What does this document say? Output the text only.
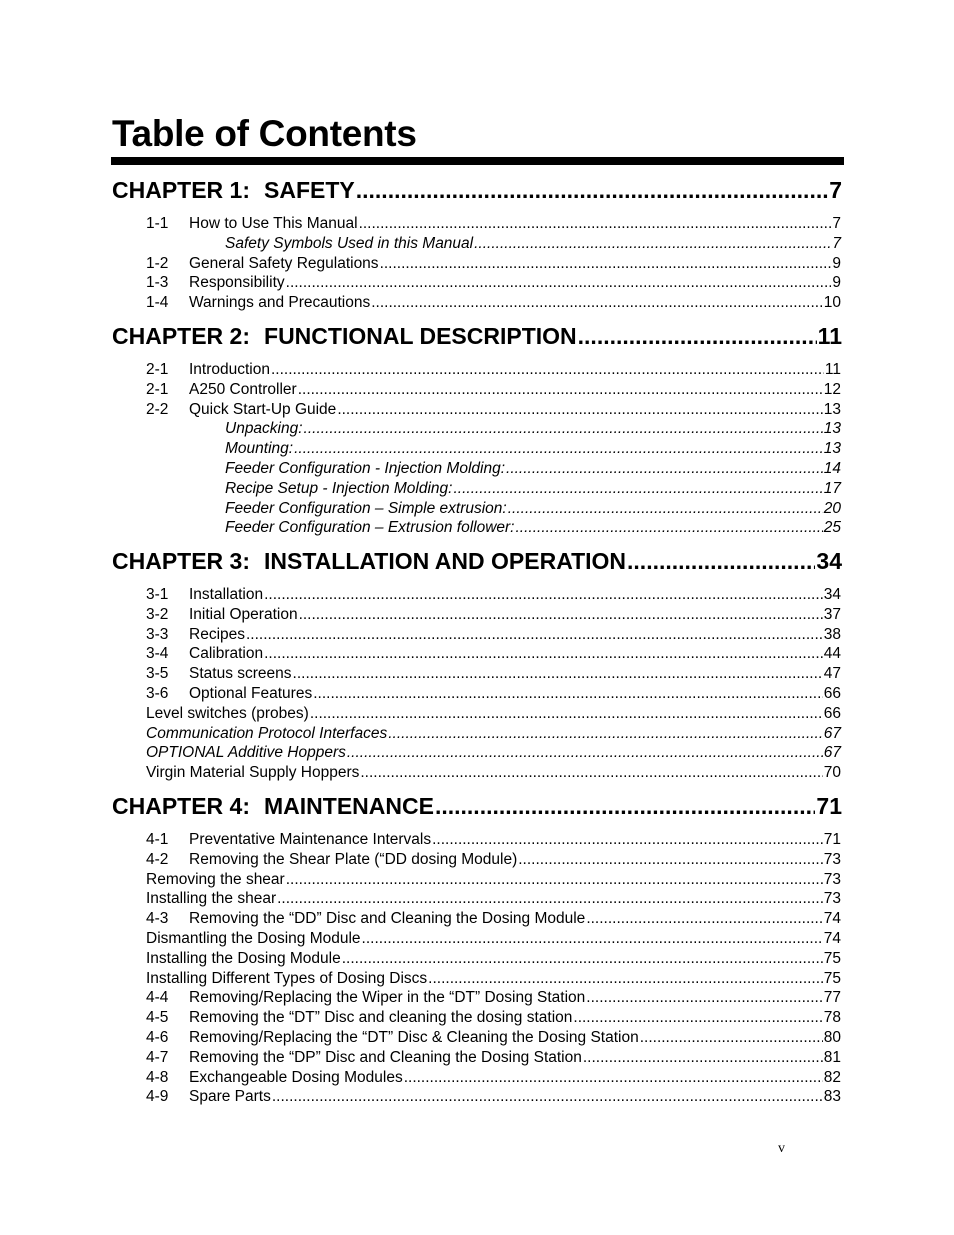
Table of Contents
CHAPTER 1: SAFETY .....	7
1-1	How to Use This Manual .....	7
Safety Symbols Used in this Manual .....	7
1-2	General Safety Regulations .....	9
1-3	Responsibility .....	9
1-4	Warnings and Precautions .....	10
CHAPTER 2: FUNCTIONAL DESCRIPTION .....	11
2-1	Introduction .....	11
2-1	A250 Controller .....	12
2-2	Quick Start-Up Guide .....	13
Unpacking: .....	13
Mounting: .....	13
Feeder Configuration - Injection Molding: .....	14
Recipe Setup - Injection Molding: .....	17
Feeder Configuration – Simple extrusion: .....	20
Feeder Configuration – Extrusion follower: .....	25
CHAPTER 3: INSTALLATION AND OPERATION .....	34
3-1	Installation .....	34
3-2	Initial Operation .....	37
3-3	Recipes .....	38
3-4	Calibration .....	44
3-5	Status screens .....	47
3-6	Optional Features .....	66
Level switches (probes) .....	66
Communication Protocol Interfaces .....	67
OPTIONAL Additive Hoppers .....	67
Virgin Material Supply Hoppers .....	70
CHAPTER 4: MAINTENANCE .....	71
4-1	Preventative Maintenance Intervals .....	71
4-2	Removing the Shear Plate (“DD dosing Module) .....	73
Removing the shear .....	73
Installing the shear .....	73
4-3	Removing the “DD” Disc and Cleaning the Dosing Module .....	74
Dismantling the Dosing Module .....	74
Installing the Dosing Module .....	75
Installing Different Types of Dosing Discs .....	75
4-4	Removing/Replacing the Wiper in the “DT” Dosing Station .....	77
4-5	Removing the “DT” Disc and cleaning the dosing station .....	78
4-6	Removing/Replacing the “DT” Disc & Cleaning the Dosing Station .....	80
4-7	Removing the “DP” Disc and Cleaning the Dosing Station .....	81
4-8	Exchangeable Dosing Modules .....	82
4-9	Spare Parts .....	83
v
